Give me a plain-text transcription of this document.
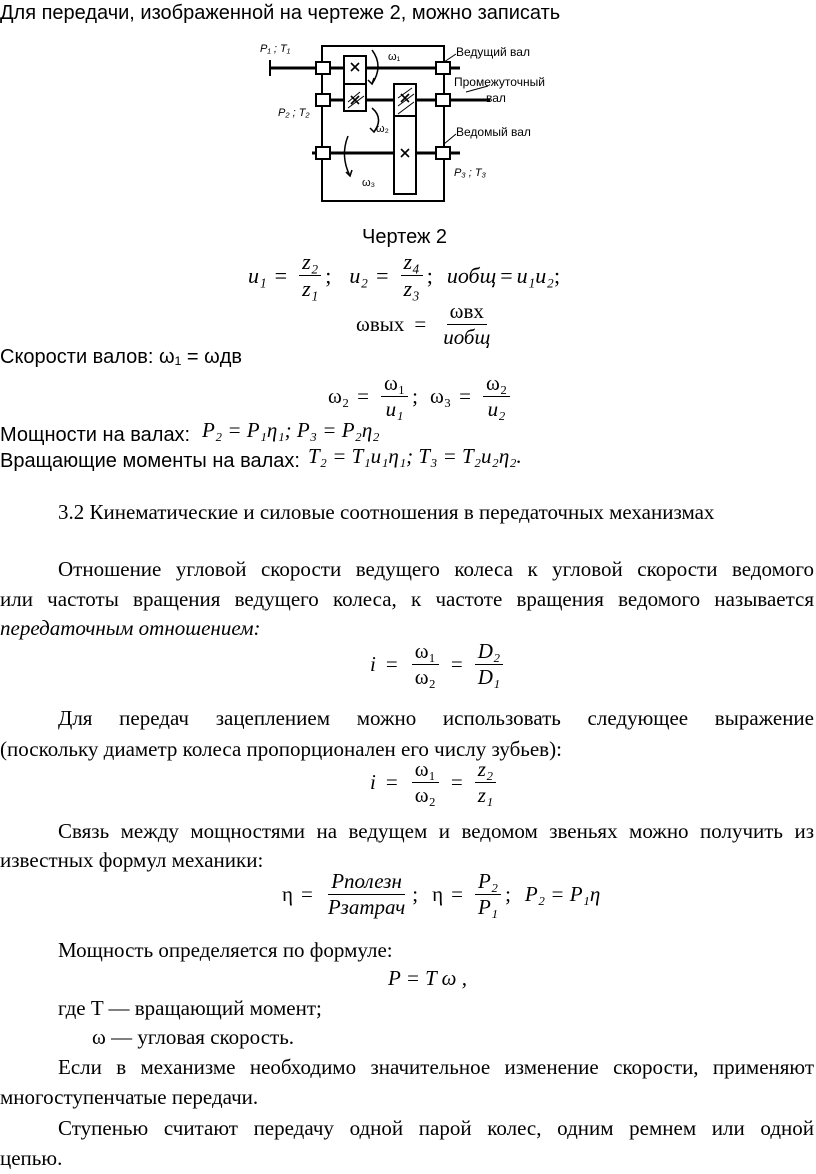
Для передачи, изображенной на чертеже 2, можно записать
P₁ ; T₁
P₂ ; T₂
P₃ ; T₃
ω₁
ω₂
ω₃
Ведущий вал
Промежуточный
вал
Ведомый вал
Чертеж 2
$u_1 = \frac{\text{z₂}}{\text{z₁}}$ ; $u_2 = \frac{\text{z₄}}{\text{z₃}}$ ; uобщ = u₁u₂ ;
$\omega вых = \frac{\text{ωвх}}{\text{uобщ}}$
Скорости валов: ω₁ = ωдв
$\omega_2 = \frac{\text{ω₁}}{\text{u₁}}$ ; $\omega_3 = \frac{\text{ω₂}}{\text{u₂}}$
Мощности на валах: P₂ = P₁η₁; P₃ = P₂η₂
Вращающие моменты на валах: T₂ = T₁u₁η₁; T₃ = T₂u₂η₂.
3.2 Кинематические и силовые соотношения в передаточных механизмах
Отношение угловой скорости ведущего колеса к угловой скорости ведомого
или частоты вращения ведущего колеса, к частоте вращения ведомого называется
передаточным отношением:
$i = \frac{\text{ω₁}}{\text{ω₂}} = \frac{\text{D₂}}{\text{D₁}}$
Для передач зацеплением можно использовать следующее выражение
(поскольку диаметр колеса пропорционален его числу зубьев):
$i = \frac{\text{ω₁}}{\text{ω₂}} = \frac{\text{z₂}}{\text{z₁}}$
Связь между мощностями на ведущем и ведомом звеньях можно получить из
известных формул механики:
$\eta = \frac{\text{Pполезн}}{\text{Pзатрач}}$ ; $\eta = \frac{\text{P₂}}{\text{P₁}}$ ; P₂ = P₁η
Мощность определяется по формуле:
P = T ω ,
где T — вращающий момент;
ω — угловая скорость.
Если в механизме необходимо значительное изменение скорости, применяют
многоступенчатые передачи.
Ступенью считают передачу одной парой колес, одним ремнем или одной
цепью.
